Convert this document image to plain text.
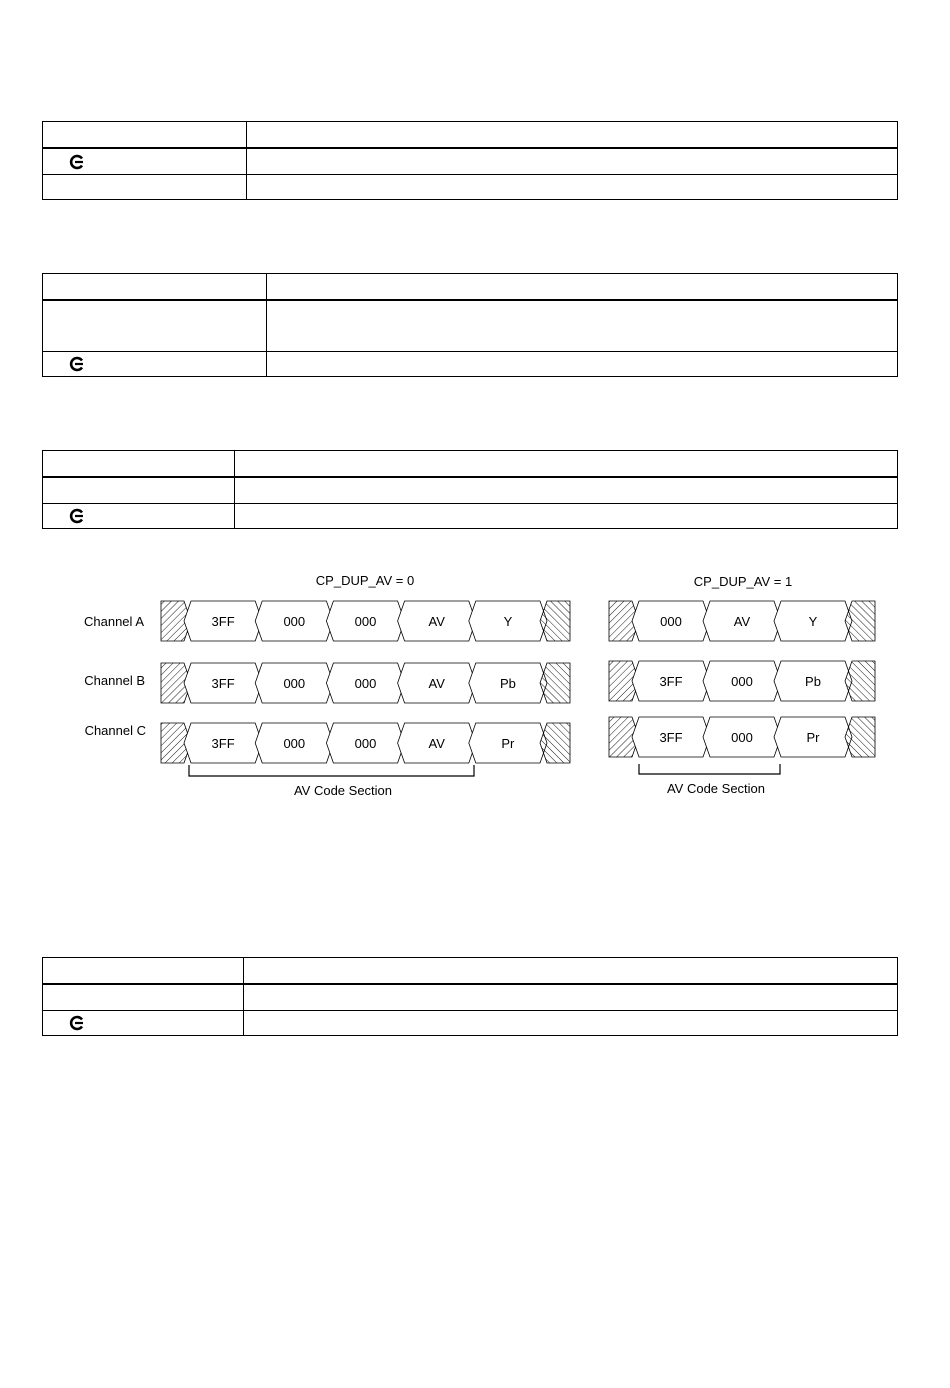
CP_DUP_AV = 0
Channel A
Channel B
Channel C
3FF	000	000	AV	Y
3FF	000	000	AV	Pb
3FF	000	000	AV	Pr
AV Code Section
CP_DUP_AV = 1
000	AV	Y
3FF	000	Pb
3FF	000	Pr
AV Code Section
